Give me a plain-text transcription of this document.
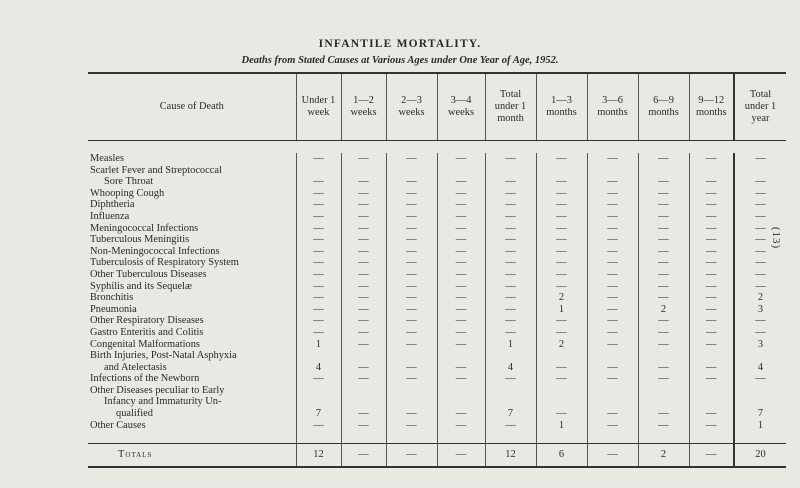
INFANTILE MORTALITY.
Deaths from Stated Causes at Various Ages under One Year of Age, 1952.
(13)
Cause of Death	Under 1 week	1—2 weeks	2—3 weeks	3—4 weeks	Total under 1 month	1—3 months	3—6 months	6—9 months	9—12 months	Total under 1 year

Measles	—	—	—	—	—	—	—	—	—	—
Scarlet Fever and Streptococcal										
Sore Throat	—	—	—	—	—	—	—	—	—	—
Whooping Cough	—	—	—	—	—	—	—	—	—	—
Diphtheria	—	—	—	—	—	—	—	—	—	—
Influenza	—	—	—	—	—	—	—	—	—	—
Meningococcal Infections	—	—	—	—	—	—	—	—	—	—
Tuberculous Meningitis	—	—	—	—	—	—	—	—	—	—
Non-Meningococcal Infections	—	—	—	—	—	—	—	—	—	—
Tuberculosis of Respiratory System	—	—	—	—	—	—	—	—	—	—
Other Tuberculous Diseases	—	—	—	—	—	—	—	—	—	—
Syphilis and its Sequelæ	—	—	—	—	—	—	—	—	—	—
Bronchitis	—	—	—	—	—	2	—	—	—	2
Pneumonia	—	—	—	—	—	1	—	2	—	3
Other Respiratory Diseases	—	—	—	—	—	—	—	—	—	—
Gastro Enteritis and Colitis	—	—	—	—	—	—	—	—	—	—
Congenital Malformations	1	—	—	—	1	2	—	—	—	3
Birth Injuries, Post-Natal Asphyxia										
and Atelectasis	4	—	—	—	4	—	—	—	—	4
Infections of the Newborn	—	—	—	—	—	—	—	—	—	—
Other Diseases peculiar to Early										
Infancy and Immaturity Un-										
qualified	7	—	—	—	7	—	—	—	—	7
Other Causes	—	—	—	—	—	1	—	—	—	1

Totals	12	—	—	—	12	6	—	2	—	20
